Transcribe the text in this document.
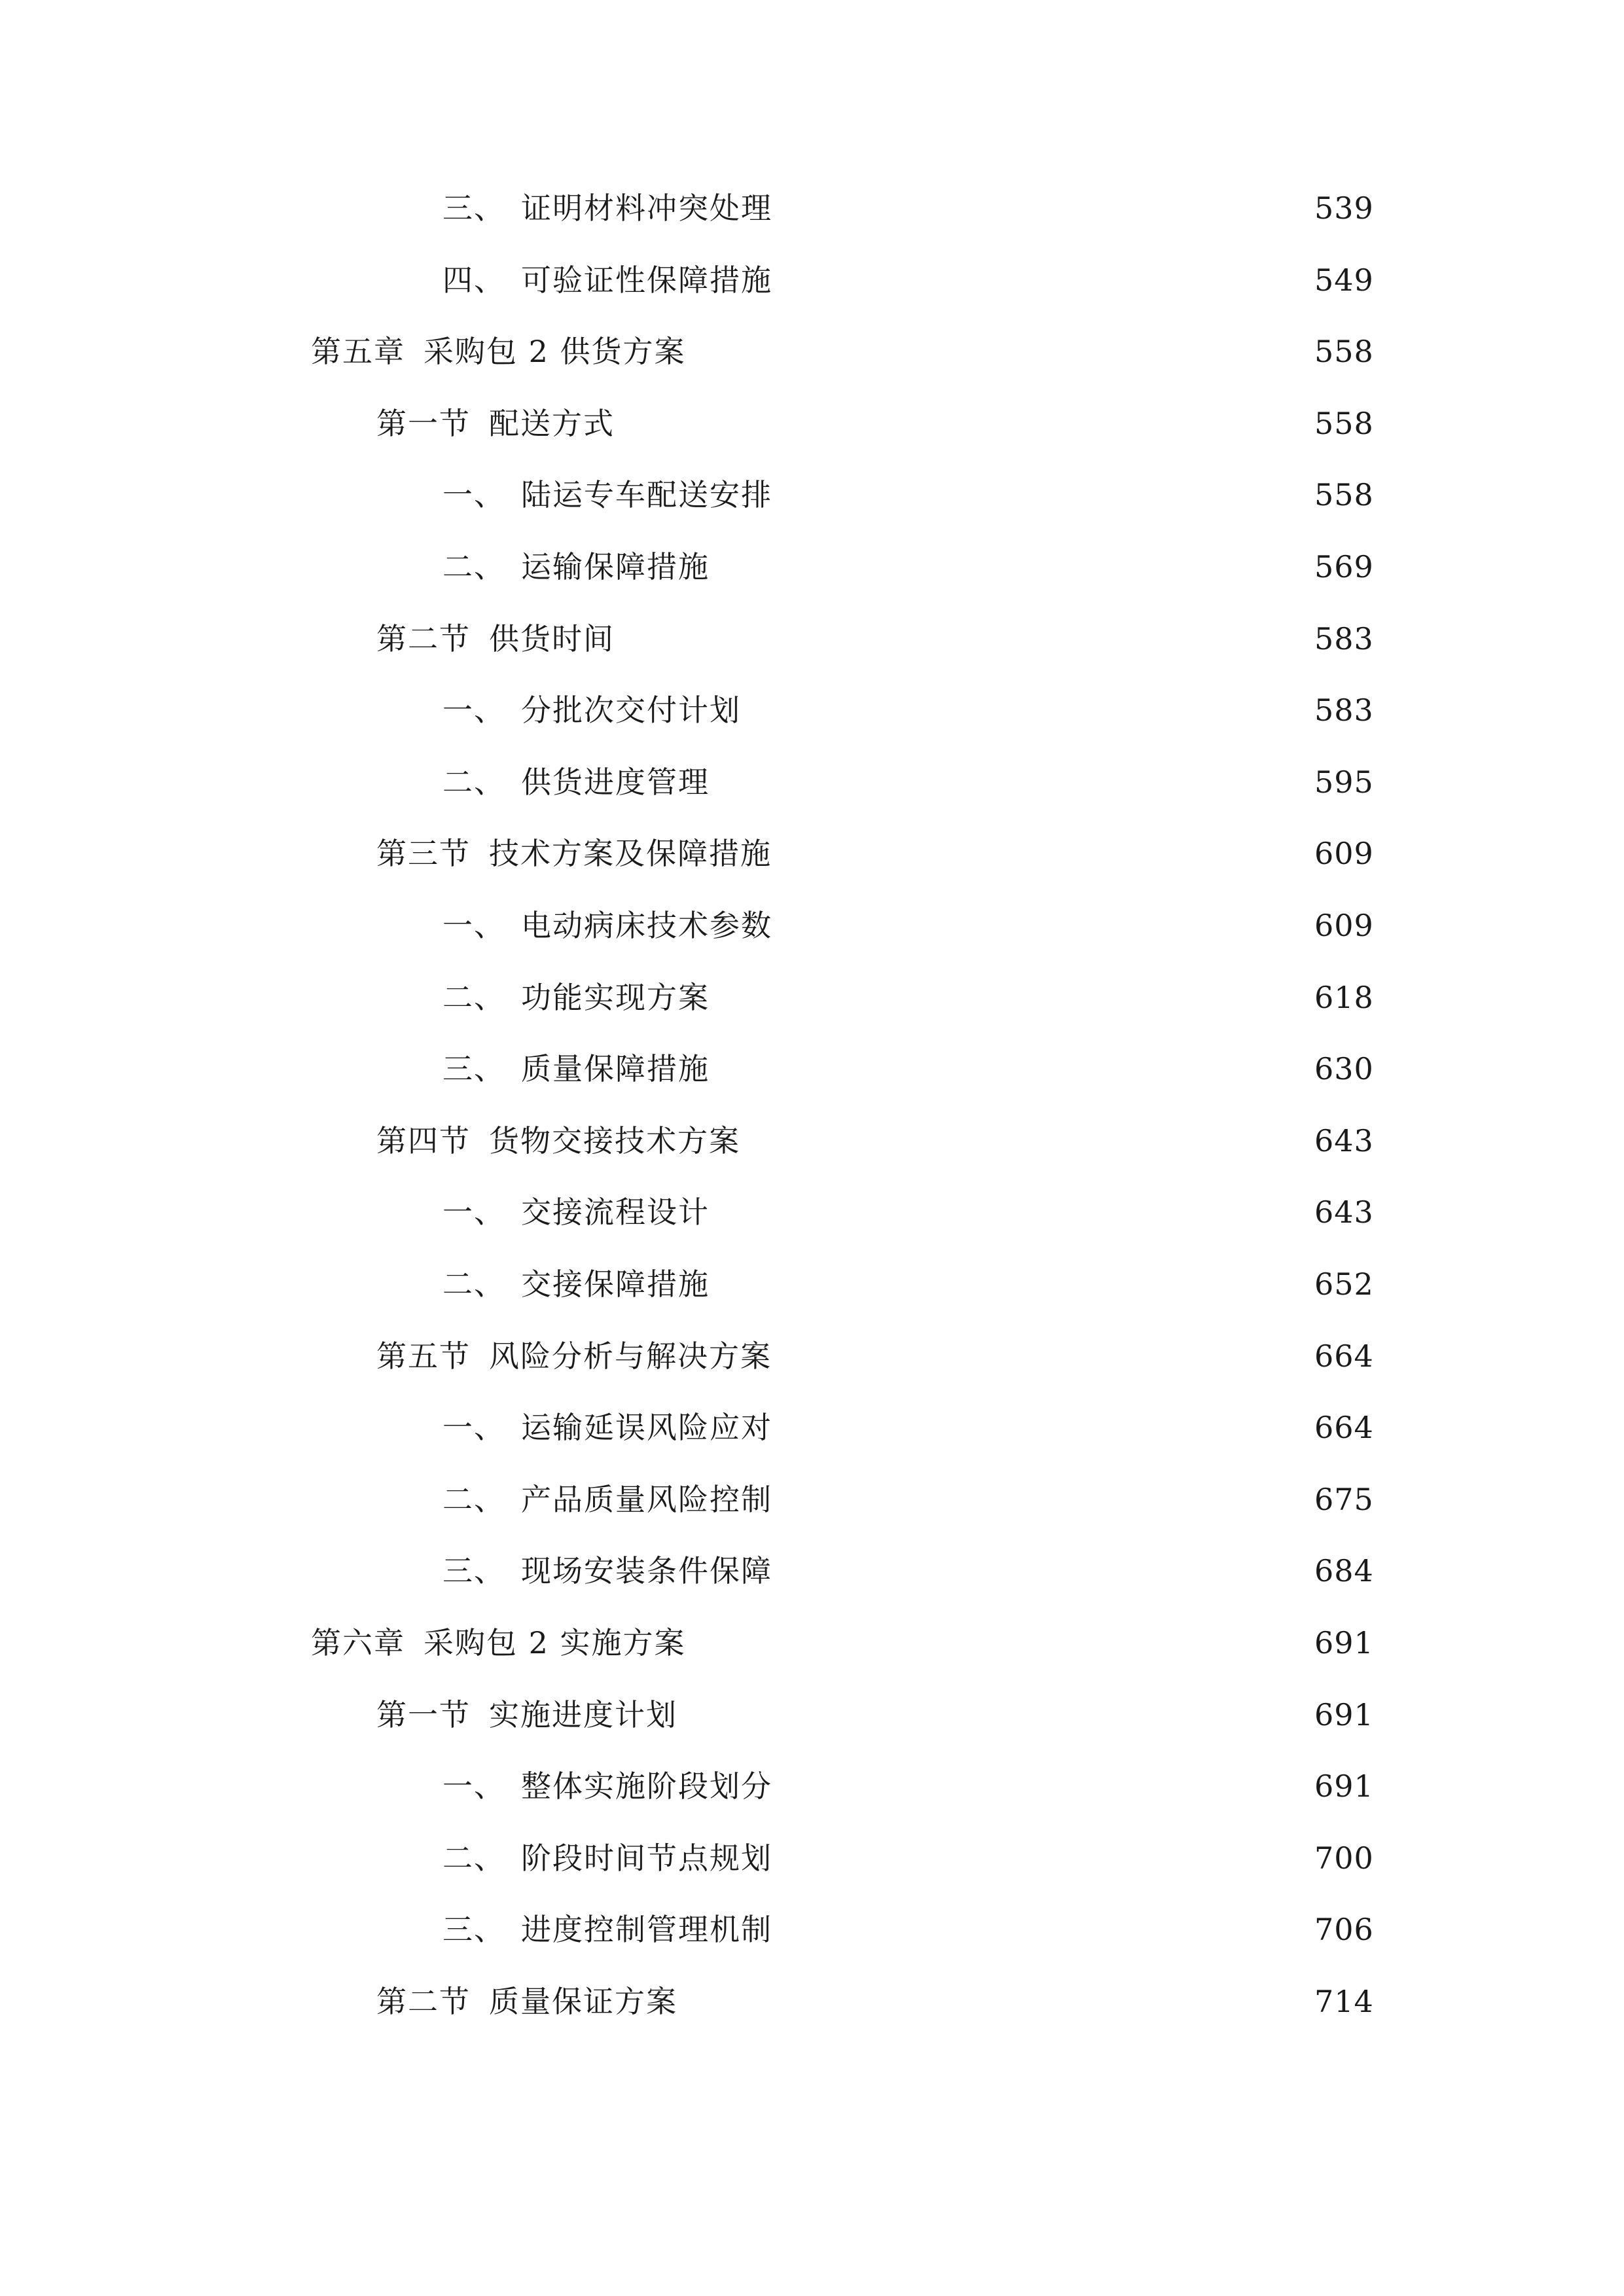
三、 证明材料冲突处理	539
四、 可验证性保障措施	549
第五章 采购包 2 供货方案	558
第一节 配送方式	558
一、 陆运专车配送安排	558
二、 运输保障措施	569
第二节 供货时间	583
一、 分批次交付计划	583
二、 供货进度管理	595
第三节 技术方案及保障措施	609
一、 电动病床技术参数	609
二、 功能实现方案	618
三、 质量保障措施	630
第四节 货物交接技术方案	643
一、 交接流程设计	643
二、 交接保障措施	652
第五节 风险分析与解决方案	664
一、 运输延误风险应对	664
二、 产品质量风险控制	675
三、 现场安装条件保障	684
第六章 采购包 2 实施方案	691
第一节 实施进度计划	691
一、 整体实施阶段划分	691
二、 阶段时间节点规划	700
三、 进度控制管理机制	706
第二节 质量保证方案	714
